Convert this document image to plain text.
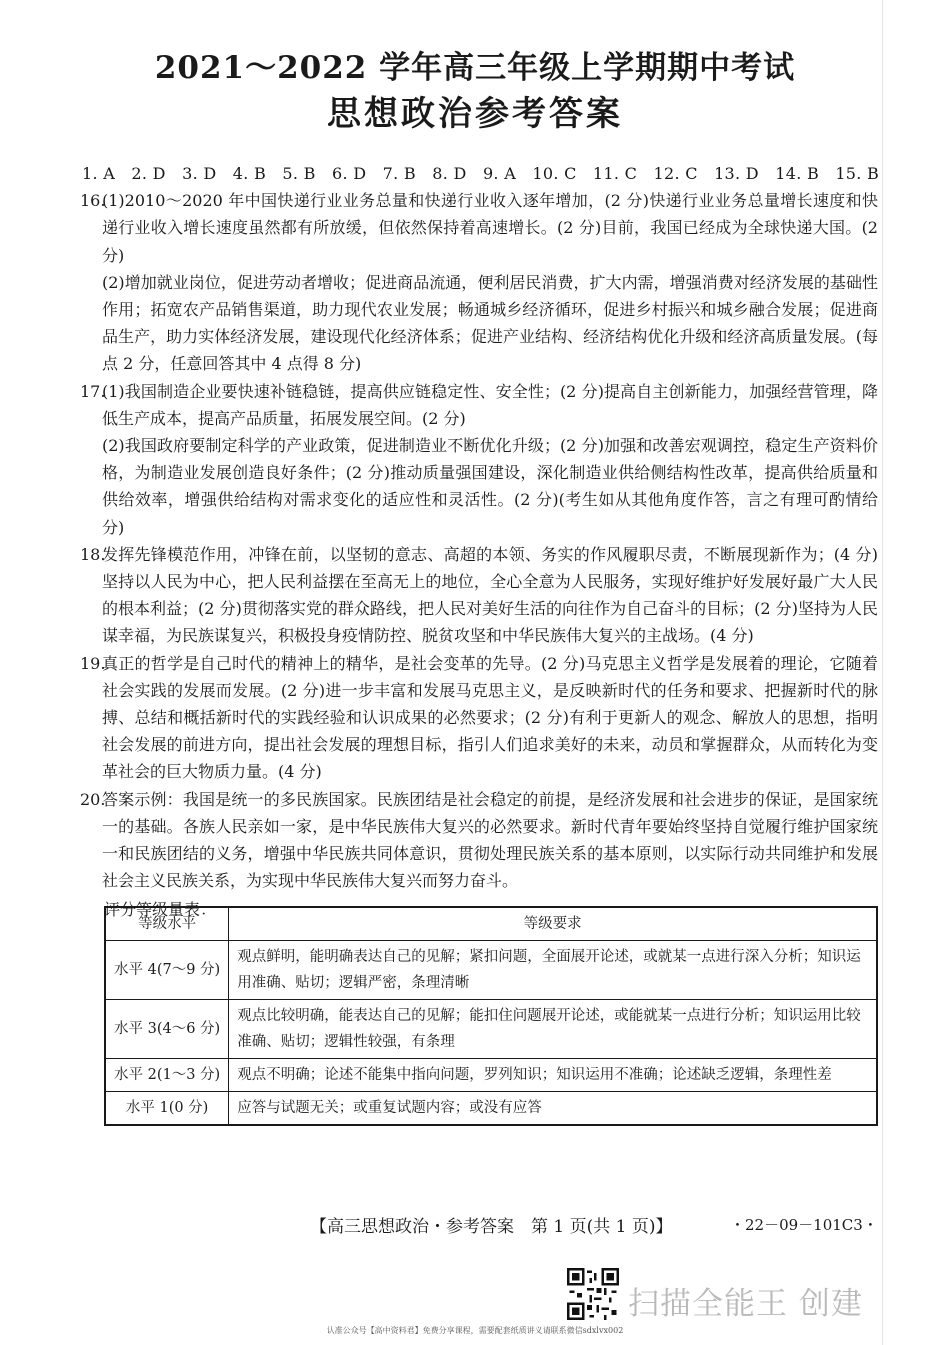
2021～2022 学年高三年级上学期期中考试
思想政治参考答案

1. A　2. D　3. D　4. B　5. B　6. D　7. B　8. D　9. A　10. C　11. C　12. C　13. D　14. B　15. B

16.

(1)2010～2020 年中国快递行业业务总量和快递行业收入逐年增加，(2 分)快递行业业务总量增长速度和快递行业收入增长速度虽然都有所放缓，但依然保持着高速增长。(2 分)目前，我国已经成为全球快递大国。(2 分)

(2)增加就业岗位，促进劳动者增收；促进商品流通，便利居民消费，扩大内需，增强消费对经济发展的基础性作用；拓宽农产品销售渠道，助力现代农业发展；畅通城乡经济循环，促进乡村振兴和城乡融合发展；促进商品生产，助力实体经济发展，建设现代化经济体系；促进产业结构、经济结构优化升级和经济高质量发展。(每点 2 分，任意回答其中 4 点得 8 分)

17.

(1)我国制造企业要快速补链稳链，提高供应链稳定性、安全性；(2 分)提高自主创新能力，加强经营管理，降低生产成本，提高产品质量，拓展发展空间。(2 分)

(2)我国政府要制定科学的产业政策，促进制造业不断优化升级；(2 分)加强和改善宏观调控，稳定生产资料价格，为制造业发展创造良好条件；(2 分)推动质量强国建设，深化制造业供给侧结构性改革，提高供给质量和供给效率，增强供给结构对需求变化的适应性和灵活性。(2 分)(考生如从其他角度作答，言之有理可酌情给分)

18.

发挥先锋模范作用，冲锋在前，以坚韧的意志、高超的本领、务实的作风履职尽责，不断展现新作为；(4 分)坚持以人民为中心，把人民利益摆在至高无上的地位，全心全意为人民服务，实现好维护好发展好最广大人民的根本利益；(2 分)贯彻落实党的群众路线，把人民对美好生活的向往作为自己奋斗的目标；(2 分)坚持为人民谋幸福，为民族谋复兴，积极投身疫情防控、脱贫攻坚和中华民族伟大复兴的主战场。(4 分)

19.

真正的哲学是自己时代的精神上的精华，是社会变革的先导。(2 分)马克思主义哲学是发展着的理论，它随着社会实践的发展而发展。(2 分)进一步丰富和发展马克思主义，是反映新时代的任务和要求、把握新时代的脉搏、总结和概括新时代的实践经验和认识成果的必然要求；(2 分)有利于更新人的观念、解放人的思想，指明社会发展的前进方向，提出社会发展的理想目标，指引人们追求美好的未来，动员和掌握群众，从而转化为变革社会的巨大物质力量。(4 分)

20.

答案示例：我国是统一的多民族国家。民族团结是社会稳定的前提，是经济发展和社会进步的保证，是国家统一的基础。各族人民亲如一家，是中华民族伟大复兴的必然要求。新时代青年要始终坚持自觉履行维护国家统一和民族团结的义务，增强中华民族共同体意识，贯彻处理民族关系的基本原则，以实际行动共同维护和发展社会主义民族关系，为实现中华民族伟大复兴而努力奋斗。

评分等级量表：

等级水平	等级要求
水平 4(7～9 分)	观点鲜明，能明确表达自己的见解；紧扣问题，全面展开论述，或就某一点进行深入分析；知识运用准确、贴切；逻辑严密，条理清晰
水平 3(4～6 分)	观点比较明确，能表达自己的见解；能扣住问题展开论述，或能就某一点进行分析；知识运用比较准确、贴切；逻辑性较强，有条理
水平 2(1～3 分)	观点不明确；论述不能集中指向问题，罗列知识；知识运用不准确；论述缺乏逻辑，条理性差
水平 1(0 分)	应答与试题无关；或重复试题内容；或没有应答
【高三思想政治・参考答案　第 1 页(共 1 页)】	・22－09－101C3・
扫描全能王 创建
认准公众号【高中资料君】免费分享课程，需要配套纸质讲义请联系微信sdxlvx002
